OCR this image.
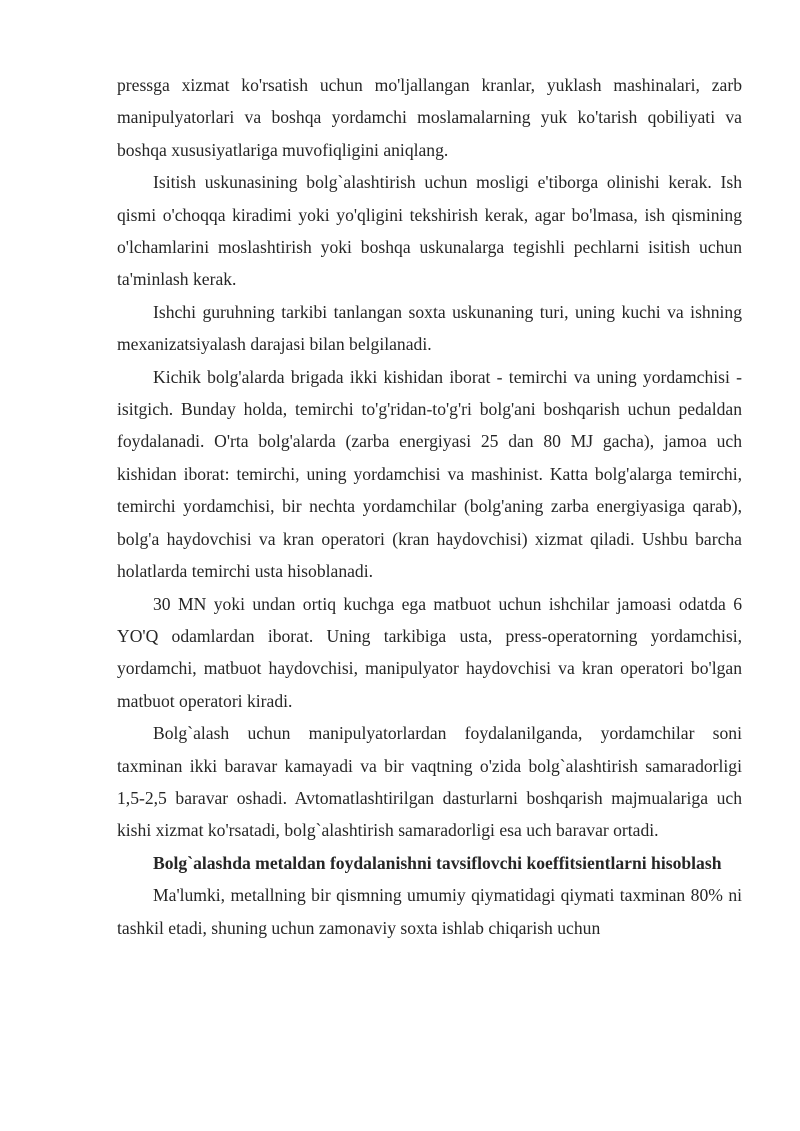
pressga xizmat ko'rsatish uchun mo'ljallangan kranlar, yuklash mashinalari, zarb manipulyatorlari va boshqa yordamchi moslamalarning yuk ko'tarish qobiliyati va boshqa xususiyatlariga muvofiqligini aniqlang.

Isitish uskunasining bolg`alashtirish uchun mosligi e'tiborga olinishi kerak. Ish qismi o'choqqa kiradimi yoki yo'qligini tekshirish kerak, agar bo'lmasa, ish qismining o'lchamlarini moslashtirish yoki boshqa uskunalarga tegishli pechlarni isitish uchun ta'minlash kerak.

Ishchi guruhning tarkibi tanlangan soxta uskunaning turi, uning kuchi va ishning mexanizatsiyalash darajasi bilan belgilanadi.

Kichik bolg'alarda brigada ikki kishidan iborat - temirchi va uning yordamchisi - isitgich. Bunday holda, temirchi to'g'ridan-to'g'ri bolg'ani boshqarish uchun pedaldan foydalanadi. O'rta bolg'alarda (zarba energiyasi 25 dan 80 MJ gacha), jamoa uch kishidan iborat: temirchi, uning yordamchisi va mashinist. Katta bolg'alarga temirchi, temirchi yordamchisi, bir nechta yordamchilar (bolg'aning zarba energiyasiga qarab), bolg'a haydovchisi va kran operatori (kran haydovchisi) xizmat qiladi. Ushbu barcha holatlarda temirchi usta hisoblanadi.

30 MN yoki undan ortiq kuchga ega matbuot uchun ishchilar jamoasi odatda 6 YO'Q odamlardan iborat. Uning tarkibiga usta, press-operatorning yordamchisi, yordamchi, matbuot haydovchisi, manipulyator haydovchisi va kran operatori bo'lgan matbuot operatori kiradi.

Bolg`alash uchun manipulyatorlardan foydalanilganda, yordamchilar soni taxminan ikki baravar kamayadi va bir vaqtning o'zida bolg`alashtirish samaradorligi 1,5-2,5 baravar oshadi. Avtomatlashtirilgan dasturlarni boshqarish majmualariga uch kishi xizmat ko'rsatadi, bolg`alashtirish samaradorligi esa uch baravar ortadi.

Bolg`alashda metaldan foydalanishni tavsiflovchi koeffitsientlarni hisoblash

Ma'lumki, metallning bir qismning umumiy qiymatidagi qiymati taxminan 80% ni tashkil etadi, shuning uchun zamonaviy soxta ishlab chiqarish uchun
